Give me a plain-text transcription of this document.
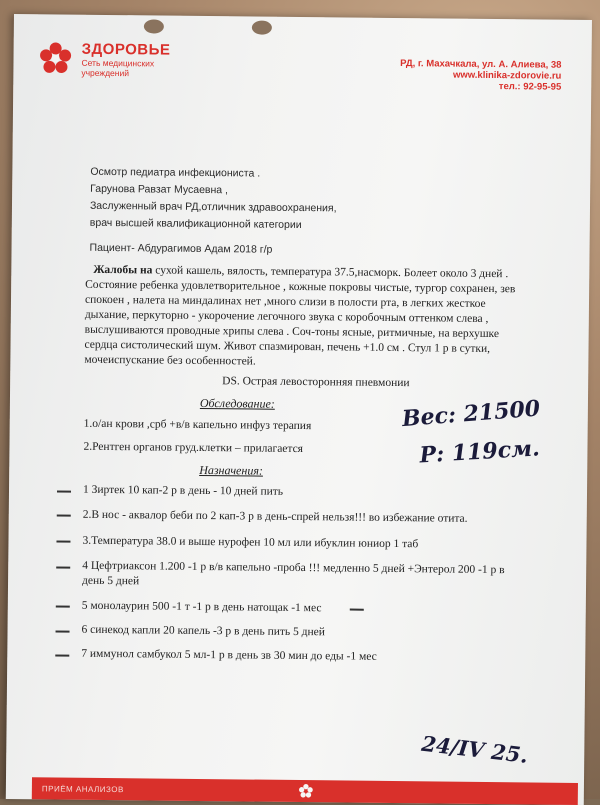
ЗДОРОВЬЕ
Сеть медицинских учреждений
РД, г. Махачкала, ул. А. Алиева, 38
www.klinika-zdorovie.ru
тел.: 92-95-95
Осмотр педиатра инфекциониста .
Гарунова Равзат Мусаевна ,
Заслуженный врач РД,отличник здравоохранения,
врач высшей квалификационной категории
Пациент- Абдурагимов Адам 2018 г/р
Жалобы на сухой кашель, вялость, температура 37.5,насморк. Болеет около 3 дней .
Состояние ребенка удовлетворительное , кожные покровы чистые, тургор сохранен, зев
спокоен , налета на миндалинах нет ,много слизи в полости рта, в легких жесткое
дыхание, перкуторно - укорочение легочного звука с коробочным оттенком слева ,
выслушиваются проводные хрипы слева . Соч-тоны ясные, ритмичные, на верхушке
сердца систолический шум. Живот спазмирован, печень +1.0 см . Стул 1 р в сутки,
мочеиспускание без особенностей.
DS. Острая левосторонняя пневмонии
Обследование:
1.о/ан крови ,срб +в/в капельно инфуз терапия
2.Рентген органов груд.клетки – прилагается
Вес: 21500
Р: 119см.
Назначения:
1 Зиртек 10 кап-2 р в день - 10 дней пить
2.В нос - аквалор беби по 2 кап-3 р в день-спрей нельзя!!! во избежание отита.
3.Температура 38.0 и выше нурофен 10 мл или ибуклин юниор 1 таб
4 Цефтриаксон 1.200 -1 р в/в капельно -проба !!! медленно 5 дней +Энтерол 200 -1 р в
день 5 дней
5 монолаурин 500 -1 т -1 р в день натощак -1 мес
6 синекод капли 20 капель -3 р в день пить 5 дней
7 иммунол самбукол 5 мл-1 р в день зв 30 мин до еды -1 мес
24/IV 25.
ПРИЁМ АНАЛИЗОВ
